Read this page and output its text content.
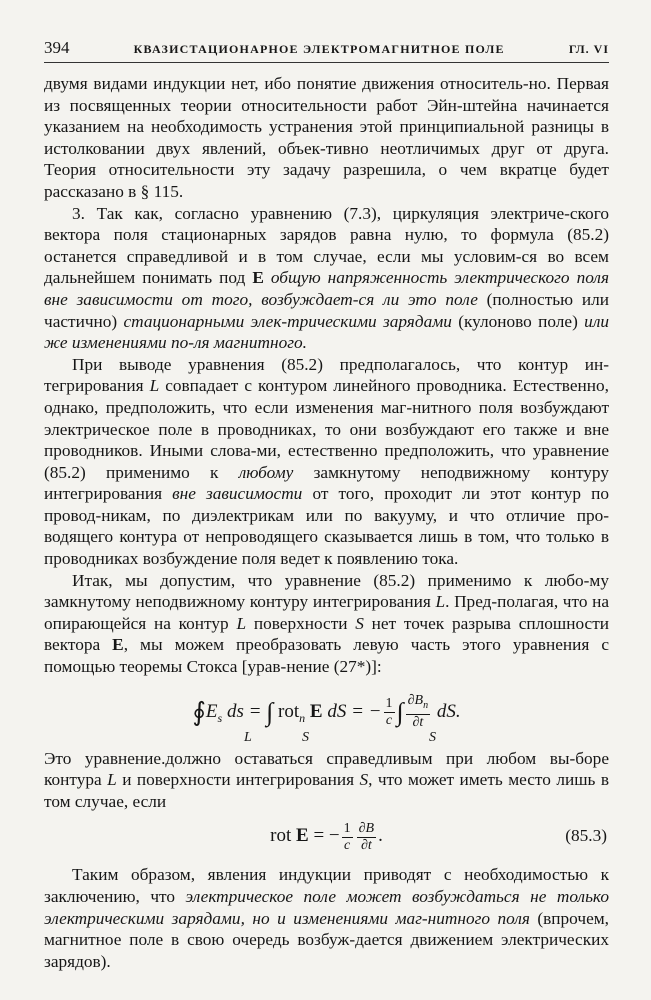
394	КВАЗИСТАЦИОНАРНОЕ ЭЛЕКТРОМАГНИТНОЕ ПОЛЕ	ГЛ. VI

двумя видами индукции нет, ибо понятие движения относитель-но. Первая из посвященных теории относительности работ Эйн-штейна начинается указанием на необходимость устранения этой принципиальной разницы в истолковании двух явлений, объек-тивно неотличимых друг от друга. Теория относительности эту задачу разрешила, о чем вкратце будет рассказано в § 115.

3. Так как, согласно уравнению (7.3), циркуляция электриче-ского вектора поля стационарных зарядов равна нулю, то формула (85.2) останется справедливой и в том случае, если мы условим-ся во всем дальнейшем понимать под E общую напряженность электрического поля вне зависимости от того, возбуждает-ся ли это поле (полностью или частично) стационарными элек-трическими зарядами (кулоново поле) или же изменениями по-ля магнитного.

При выводе уравнения (85.2) предполагалось, что контур ин-тегрирования L совпадает с контуром линейного проводника. Естественно, однако, предположить, что если изменения маг-нитного поля возбуждают электрическое поле в проводниках, то они возбуждают его также и вне проводников. Иными слова-ми, естественно предположить, что уравнение (85.2) применимо к любому замкнутому неподвижному контуру интегрирования вне зависимости от того, проходит ли этот контур по провод-никам, по диэлектрикам или по вакууму, и что отличие про-водящего контура от непроводящего сказывается лишь в том, что только в проводниках возбуждение поля ведет к появлению тока.

Итак, мы допустим, что уравнение (85.2) применимо к любо-му замкнутому неподвижному контуру интегрирования L. Пред-полагая, что на опирающейся на контур L поверхности S нет точек разрыва сплошности вектора E, мы можем преобразовать левую часть этого уравнения с помощью теоремы Стокса [урав-нение (27*)]:

$∮E_s$ ds = ∫ rot$_n$ E dS = − $\frac{1}{c}$ ∫ $\frac{\partial B_n}{\partial t}$ dS.
L	S	S

Это уравнение.должно оставаться справедливым при любом вы-боре контура L и поверхности интегрирования S, что может иметь место лишь в том случае, если

rot E = − $\frac{1}{c} \frac{\partial B}{\partial t}$ .	(85.3)

Таким образом, явления индукции приводят с необходимостью к заключению, что электрическое поле может возбуждаться не только электрическими зарядами, но и изменениями маг-нитного поля (впрочем, магнитное поле в свою очередь возбуж-дается движением электрических зарядов).
